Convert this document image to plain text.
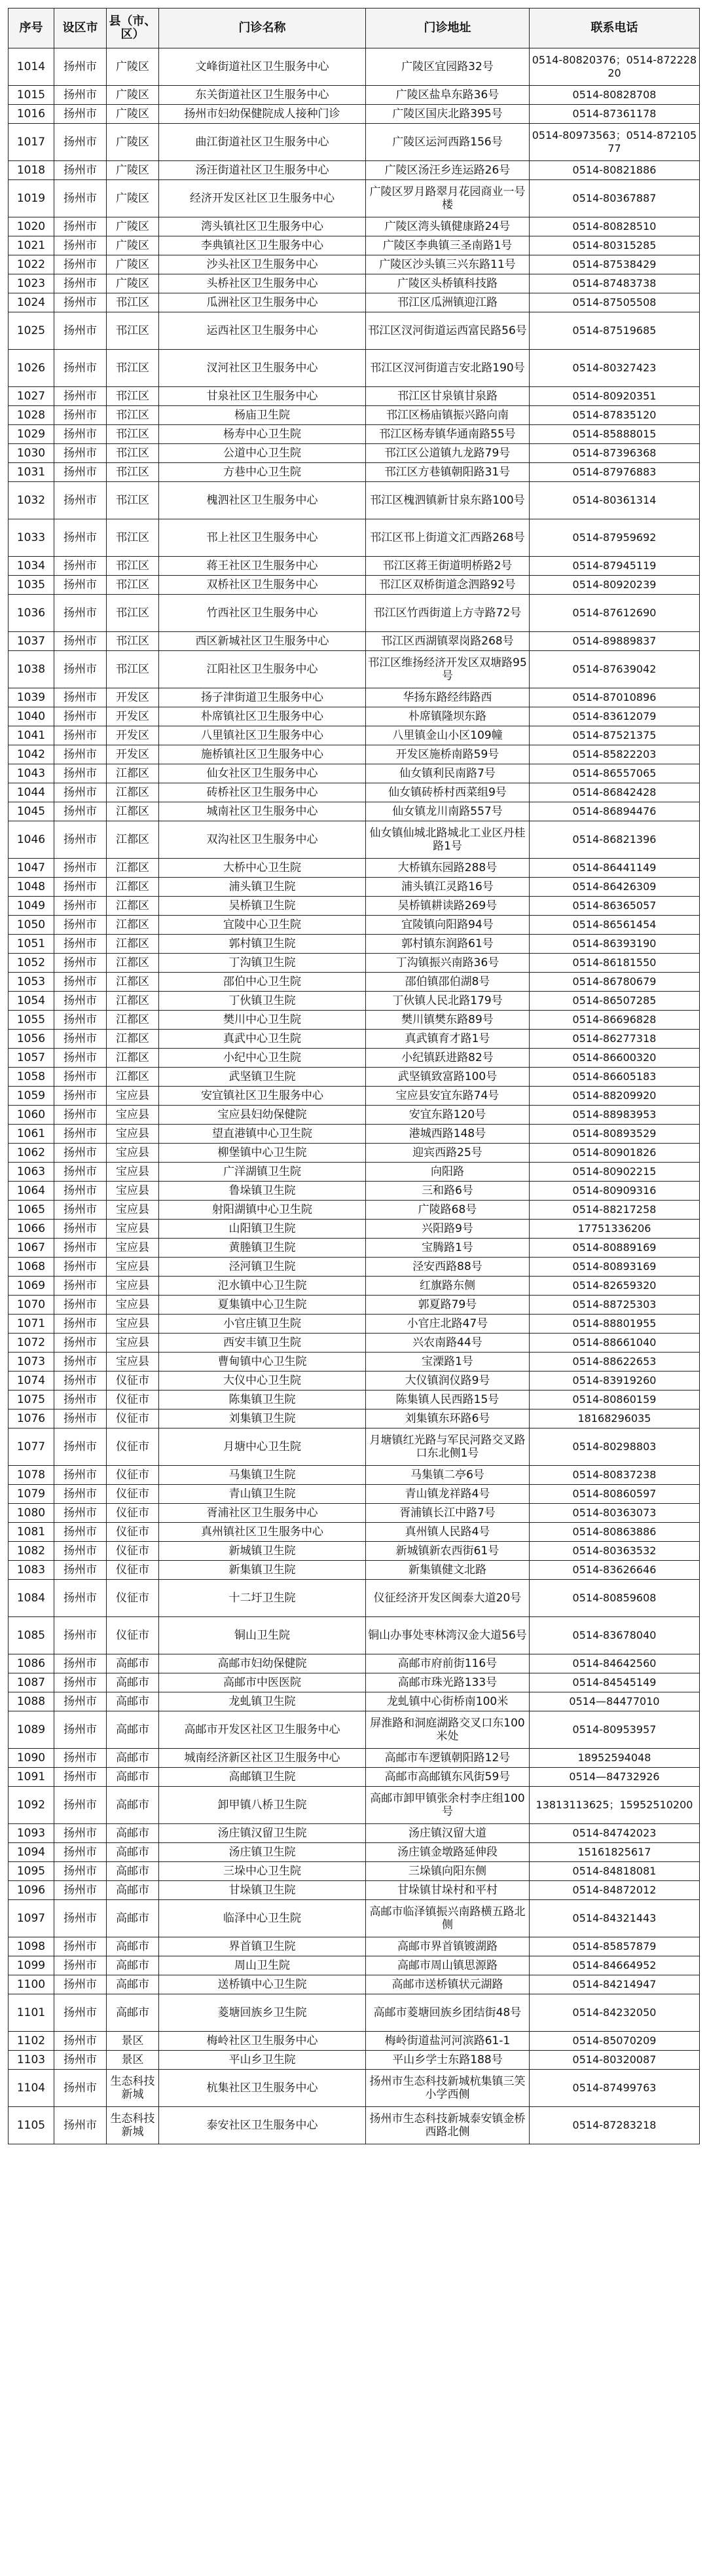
序号	设区市	县（市、区）	门诊名称	门诊地址	联系电话
1014	扬州市	广陵区	文峰街道社区卫生服务中心	广陵区宜园路32号	0514-80820376；0514-87222820
1015	扬州市	广陵区	东关街道社区卫生服务中心	广陵区盐阜东路36号	0514-80828708
1016	扬州市	广陵区	扬州市妇幼保健院成人接种门诊	广陵区国庆北路395号	0514-87361178
1017	扬州市	广陵区	曲江街道社区卫生服务中心	广陵区运河西路156号	0514-80973563；0514-87210577
1018	扬州市	广陵区	汤汪街道社区卫生服务中心	广陵区汤汪乡连运路26号	0514-80821886
1019	扬州市	广陵区	经济开发区社区卫生服务中心	广陵区罗月路翠月花园商业一号楼	0514-80367887
1020	扬州市	广陵区	湾头镇社区卫生服务中心	广陵区湾头镇健康路24号	0514-80828510
1021	扬州市	广陵区	李典镇社区卫生服务中心	广陵区李典镇三圣南路1号	0514-80315285
1022	扬州市	广陵区	沙头社区卫生服务中心	广陵区沙头镇三兴东路11号	0514-87538429
1023	扬州市	广陵区	头桥社区卫生服务中心	广陵区头桥镇科技路	0514-87483738
1024	扬州市	邗江区	瓜洲社区卫生服务中心	邗江区瓜洲镇迎江路	0514-87505508
1025	扬州市	邗江区	运西社区卫生服务中心	邗江区汊河街道运西富民路56号	0514-87519685
1026	扬州市	邗江区	汊河社区卫生服务中心	邗江区汊河街道吉安北路190号	0514-80327423
1027	扬州市	邗江区	甘泉社区卫生服务中心	邗江区甘泉镇甘泉路	0514-80920351
1028	扬州市	邗江区	杨庙卫生院	邗江区杨庙镇振兴路向南	0514-87835120
1029	扬州市	邗江区	杨寿中心卫生院	邗江区杨寿镇华通南路55号	0514-85888015
1030	扬州市	邗江区	公道中心卫生院	邗江区公道镇九龙路79号	0514-87396368
1031	扬州市	邗江区	方巷中心卫生院	邗江区方巷镇朝阳路31号	0514-87976883
1032	扬州市	邗江区	槐泗社区卫生服务中心	邗江区槐泗镇新甘泉东路100号	0514-80361314
1033	扬州市	邗江区	邗上社区卫生服务中心	邗江区邗上街道文汇西路268号	0514-87959692
1034	扬州市	邗江区	蒋王社区卫生服务中心	邗江区蒋王街道明桥路2号	0514-87945119
1035	扬州市	邗江区	双桥社区卫生服务中心	邗江区双桥街道念泗路92号	0514-80920239
1036	扬州市	邗江区	竹西社区卫生服务中心	邗江区竹西街道上方寺路72号	0514-87612690
1037	扬州市	邗江区	西区新城社区卫生服务中心	邗江区西湖镇翠岗路268号	0514-89889837
1038	扬州市	邗江区	江阳社区卫生服务中心	邗江区维扬经济开发区双塘路95号	0514-87639042
1039	扬州市	开发区	扬子津街道卫生服务中心	华扬东路经纬路西	0514-87010896
1040	扬州市	开发区	朴席镇社区卫生服务中心	朴席镇隆坝东路	0514-83612079
1041	扬州市	开发区	八里镇社区卫生服务中心	八里镇金山小区109幢	0514-87521375
1042	扬州市	开发区	施桥镇社区卫生服务中心	开发区施桥南路59号	0514-85822203
1043	扬州市	江都区	仙女社区卫生服务中心	仙女镇利民南路7号	0514-86557065
1044	扬州市	江都区	砖桥社区卫生服务中心	仙女镇砖桥村西菜组9号	0514-86842428
1045	扬州市	江都区	城南社区卫生服务中心	仙女镇龙川南路557号	0514-86894476
1046	扬州市	江都区	双沟社区卫生服务中心	仙女镇仙城北路城北工业区丹桂路1号	0514-86821396
1047	扬州市	江都区	大桥中心卫生院	大桥镇东园路288号	0514-86441149
1048	扬州市	江都区	浦头镇卫生院	浦头镇江灵路16号	0514-86426309
1049	扬州市	江都区	吴桥镇卫生院	吴桥镇耕读路269号	0514-86365057
1050	扬州市	江都区	宜陵中心卫生院	宜陵镇向阳路94号	0514-86561454
1051	扬州市	江都区	郭村镇卫生院	郭村镇东润路61号	0514-86393190
1052	扬州市	江都区	丁沟镇卫生院	丁沟镇振兴南路36号	0514-86181550
1053	扬州市	江都区	邵伯中心卫生院	邵伯镇邵伯湖8号	0514-86780679
1054	扬州市	江都区	丁伙镇卫生院	丁伙镇人民北路179号	0514-86507285
1055	扬州市	江都区	樊川中心卫生院	樊川镇樊东路89号	0514-86696828
1056	扬州市	江都区	真武中心卫生院	真武镇育才路1号	0514-86277318
1057	扬州市	江都区	小纪中心卫生院	小纪镇跃进路82号	0514-86600320
1058	扬州市	江都区	武坚镇卫生院	武坚镇致富路100号	0514-86605183
1059	扬州市	宝应县	安宜镇社区卫生服务中心	宝应县安宜东路74号	0514-88209920
1060	扬州市	宝应县	宝应县妇幼保健院	安宜东路120号	0514-88983953
1061	扬州市	宝应县	望直港镇中心卫生院	港城西路148号	0514-80893529
1062	扬州市	宝应县	柳堡镇中心卫生院	迎宾西路25号	0514-80901826
1063	扬州市	宝应县	广洋湖镇卫生院	向阳路	0514-80902215
1064	扬州市	宝应县	鲁垛镇卫生院	三和路6号	0514-80909316
1065	扬州市	宝应县	射阳湖镇中心卫生院	广陵路68号	0514-88217258
1066	扬州市	宝应县	山阳镇卫生院	兴阳路9号	17751336206
1067	扬州市	宝应县	黄塍镇卫生院	宝腾路1号	0514-80889169
1068	扬州市	宝应县	泾河镇卫生院	泾安西路88号	0514-80893169
1069	扬州市	宝应县	氾水镇中心卫生院	红旗路东侧	0514-82659320
1070	扬州市	宝应县	夏集镇中心卫生院	郭夏路79号	0514-88725303
1071	扬州市	宝应县	小官庄镇卫生院	小官庄北路47号	0514-88801955
1072	扬州市	宝应县	西安丰镇卫生院	兴农南路44号	0514-88661040
1073	扬州市	宝应县	曹甸镇中心卫生院	宝溧路1号	0514-88622653
1074	扬州市	仪征市	大仪中心卫生院	大仪镇润仪路9号	0514-83919260
1075	扬州市	仪征市	陈集镇卫生院	陈集镇人民西路15号	0514-80860159
1076	扬州市	仪征市	刘集镇卫生院	刘集镇东环路6号	18168296035
1077	扬州市	仪征市	月塘中心卫生院	月塘镇红光路与军民河路交叉路口东北侧1号	0514-80298803
1078	扬州市	仪征市	马集镇卫生院	马集镇二亭6号	0514-80837238
1079	扬州市	仪征市	青山镇卫生院	青山镇龙祥路4号	0514-80860597
1080	扬州市	仪征市	胥浦社区卫生服务中心	胥浦镇长江中路7号	0514-80363073
1081	扬州市	仪征市	真州镇社区卫生服务中心	真州镇人民路4号	0514-80863886
1082	扬州市	仪征市	新城镇卫生院	新城镇新农西街61号	0514-80363532
1083	扬州市	仪征市	新集镇卫生院	新集镇健文北路	0514-83626646
1084	扬州市	仪征市	十二圩卫生院	仪征经济开发区闽泰大道20号	0514-80859608
1085	扬州市	仪征市	铜山卫生院	铜山办事处枣林湾汉金大道56号	0514-83678040
1086	扬州市	高邮市	高邮市妇幼保健院	高邮市府前街116号	0514-84642560
1087	扬州市	高邮市	高邮市中医医院	高邮市珠光路133号	0514-84545149
1088	扬州市	高邮市	龙虬镇卫生院	龙虬镇中心街桥南100米	0514—84477010
1089	扬州市	高邮市	高邮市开发区社区卫生服务中心	屏淮路和洞庭湖路交叉口东100米处	0514-80953957
1090	扬州市	高邮市	城南经济新区社区卫生服务中心	高邮市车逻镇朝阳路12号	18952594048
1091	扬州市	高邮市	高邮镇卫生院	高邮市高邮镇东风街59号	0514—84732926
1092	扬州市	高邮市	卸甲镇八桥卫生院	高邮市卸甲镇张余村李庄组100号	13813113625；15952510200
1093	扬州市	高邮市	汤庄镇汉留卫生院	汤庄镇汉留大道	0514-84742023
1094	扬州市	高邮市	汤庄镇卫生院	汤庄镇金墩路延伸段	15161825617
1095	扬州市	高邮市	三垛中心卫生院	三垛镇向阳东侧	0514-84818081
1096	扬州市	高邮市	甘垛镇卫生院	甘垛镇甘垛村和平村	0514-84872012
1097	扬州市	高邮市	临泽中心卫生院	高邮市临泽镇振兴南路横五路北侧	0514-84321443
1098	扬州市	高邮市	界首镇卫生院	高邮市界首镇镀湖路	0514-85857879
1099	扬州市	高邮市	周山卫生院	高邮市周山镇思源路	0514-84664952
1100	扬州市	高邮市	送桥镇中心卫生院	高邮市送桥镇状元湖路	0514-84214947
1101	扬州市	高邮市	菱塘回族乡卫生院	高邮市菱塘回族乡团结街48号	0514-84232050
1102	扬州市	景区	梅岭社区卫生服务中心	梅岭街道盐河河滨路61-1	0514-85070209
1103	扬州市	景区	平山乡卫生院	平山乡学士东路188号	0514-80320087
1104	扬州市	生态科技新城	杭集社区卫生服务中心	扬州市生态科技新城杭集镇三笑小学西侧	0514-87499763
1105	扬州市	生态科技新城	泰安社区卫生服务中心	扬州市生态科技新城泰安镇金桥西路北侧	0514-87283218
